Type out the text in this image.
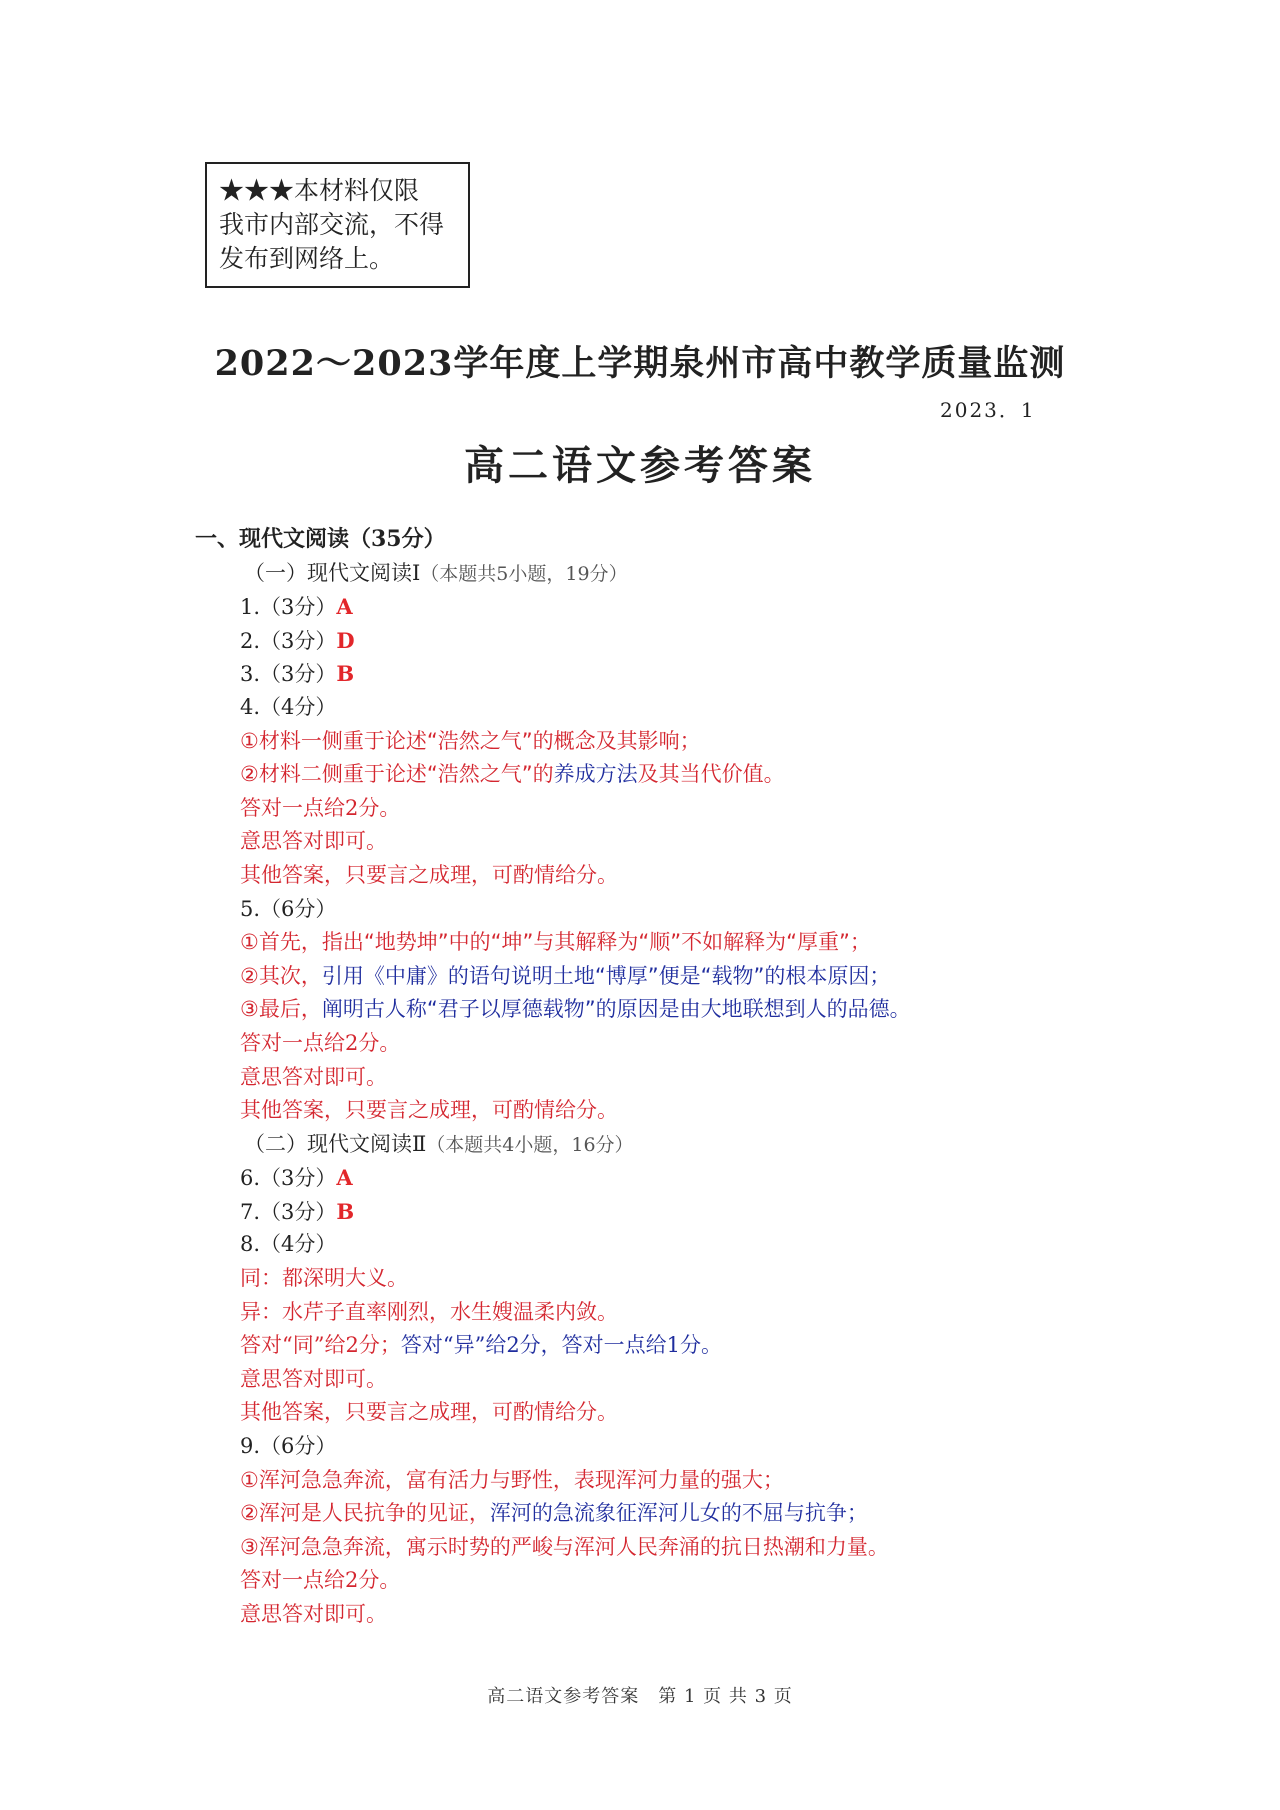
★★★本材料仅限
我市内部交流，不得
发布到网络上。
2022～2023学年度上学期泉州市高中教学质量监测
2023．1
高二语文参考答案
一、现代文阅读（35分）
（一）现代文阅读Ⅰ（本题共5小题，19分）
1.（3分）A
2.（3分）D
3.（3分）B
4.（4分）
①材料一侧重于论述“浩然之气”的概念及其影响；
②材料二侧重于论述“浩然之气”的养成方法及其当代价值。
答对一点给2分。
意思答对即可。
其他答案，只要言之成理，可酌情给分。
5.（6分）
①首先，指出“地势坤”中的“坤”与其解释为“顺”不如解释为“厚重”；
②其次，引用《中庸》的语句说明土地“博厚”便是“载物”的根本原因；
③最后，阐明古人称“君子以厚德载物”的原因是由大地联想到人的品德。
答对一点给2分。
意思答对即可。
其他答案，只要言之成理，可酌情给分。
（二）现代文阅读Ⅱ（本题共4小题，16分）
6.（3分）A
7.（3分）B
8.（4分）
同：都深明大义。
异：水芹子直率刚烈，水生嫂温柔内敛。
答对“同”给2分；答对“异”给2分，答对一点给1分。
意思答对即可。
其他答案，只要言之成理，可酌情给分。
9.（6分）
①浑河急急奔流，富有活力与野性，表现浑河力量的强大；
②浑河是人民抗争的见证，浑河的急流象征浑河儿女的不屈与抗争；
③浑河急急奔流，寓示时势的严峻与浑河人民奔涌的抗日热潮和力量。
答对一点给2分。
意思答对即可。
高二语文参考答案　第 1 页 共 3 页
